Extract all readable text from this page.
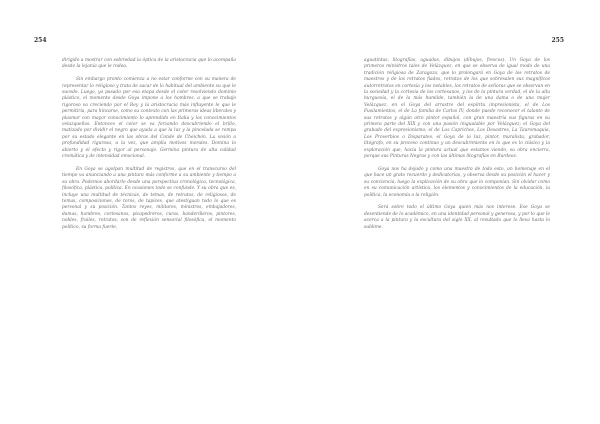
254

dirigido a mostrar con sobriedad la óptica de la aristocracia que lo acompaña desde la lejanía que le rodea.

Sin embargo pronto comienza a no estar conforme con su manera de representar lo religioso y trata de sacar de lo habitual del ambiente su que le sucede. Luego, ya pasado por esa etapa desde el color resolviendo dominio plástico, el momento desde Goya impone a los hombres, a que se trabajo rigoroso va creciendo por el Rey y la aristocracia más influyente le que le permitiría, para hincarse, como su contexto con las primeras ideas liberales y plasmar con mayor conocimiento lo aprendido en Italia y los conocimientos velazqueños. Entonces el color se va forzando descubriendo el brillo, matizado por dividir el negro que ayuda a que la luz y la pincelada se rompa por su estado elegante en las obras del Conde de Cheichón. La visión a profundidad rigurosa, a la vez, que amplía motivos morales. Domina lo abierto y el efecto y rigor al personaje. Germina pintura de alta calidad cromática y de intensidad emocional.

En Goya se agolpan multitud de registros, que en el transcurso del tiempo va anunciando a una pintura más conforme a su ambiente y tiempo a su obra. Podemos abordarlo desde una perspectiva cronológica, tecnológica, filosófica, plástica, política. En ocasiones todo se confunde. Y su obra que es, incluye una multitud de técnicas, de temas, de retratos, de religiosos, de temas, composiciones, de toros, de tapices, que atestiguan todo lo que es personal y su posición. Tantos reyes, militares, ministros, embajadores, damas, hombres, cortesanos, picapedreros, curas, banderilleros, pintores, nobles, frailes, retratos, son de reflexión sensorial filosófica, el momento político, su forma fuerte,

255

aguatintas, litografías, aguadas, dibujos (dibujos, frescos). Un Goya de los primeros ministros tales de Velázquez, en que se observa de igual modo de una tradición religiosa de Zaragoza, que lo prolongará en Goya de los retratos de maestros y de los retratos fiados, retratos de los que sobresalen sus magníficos autorretratos en cortesía y los notables, los retratos de señoras que se observan en la sociedad y la cortesía de los cortesanos, y los de la pintura verdad, el de la alta burguesía, el de la más humilde, también la de una dama o de una mujer Velázquez, en el Goya del arrastre del espíritu impresionista, el de Los Fusilamientos, el de La familia de Carlos IV, donde puede reconocer el talante de sus retratos y algún otro pintor español, con gran maestría sus figuras en su primera parte del XIX y con una pasión inigualable por Velázquez; el Goya del grabado del expresionismo; el de Los Caprichos, Los Desastres, La Tauromaquia, Los Proverbios o Disparates, el Goya de la luz, pintor, muralista, grabador, litógrafo, en su proceso continuo y un descubrimiento en lo que es lo clásico y la exploración que, hacia la pintura actual que estamos viendo, su obra encierra, porque sus Pinturas Negras y con las últimas litografías en Burdeos.

Goya nos ha dejado y como una muestra de todo esto, un homenaje en el que hace un grato recuerdo y dedicatorias, y observa desde su posición el hacer y su conciencia, luego la explicación de su obra que lo componían. Sin olvidar como en su comunicación artística, los elementos y conocimientos de la educación, la política, la economía o la religión.

Será sobre todo el último Goya quien más nos interese. Ese Goya se desentiende de lo académico, en una identidad personal y generosa, y por lo que le acerca a la pintura y la escultura del siglo XX, al resultado que lo lleva hasta lo sublime.
